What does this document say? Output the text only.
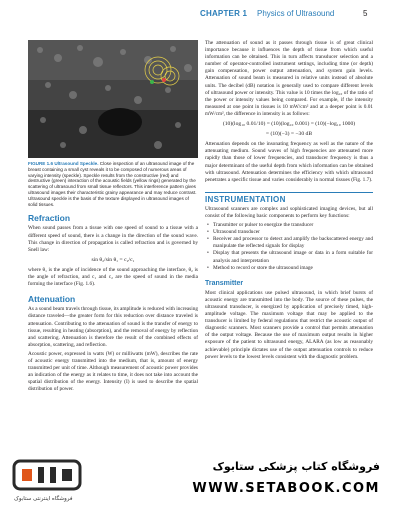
CHAPTER 1 Physics of Ultrasound	5
FIGURE 1.6 Ultrasound Speckle. Close inspection of an ultrasound image of the breast containing a small cyst reveals it to be composed of numerous areas of varying intensity (speckle). Speckle results from the constructive (red) and destructive (green) interaction of the acoustic fields (yellow rings) generated by the scattering of ultrasound from small tissue reflectors. This interference pattern gives ultrasound images their characteristic grainy appearance and may reduce contrast. Ultrasound speckle is the basis of the texture displayed in ultrasound images of solid tissues.
Refraction

When sound passes from a tissue with one speed of sound to a tissue with a different speed of sound, there is a change in the direction of the sound wave. This change in direction of propagation is called refraction and is governed by Snell law:

sin θ₂/sin θ₁ = c₂/c₁

where θ₁ is the angle of incidence of the sound approaching the interface, θ₂ is the angle of refraction, and c₁ and c₂ are the speed of sound in the media forming the interface (Fig. 1.6).

Attenuation

As a sound beam travels through tissue, its amplitude is reduced with increasing distance traveled—the greater form for this reduction over distance traveled is attenuation. Contributing to the attenuation of sound is the transfer of energy to tissue, resulting in heating (absorption), and the removal of energy by reflection and scattering. Attenuation is therefore the result of the combined effects of absorption, scattering, and reflection.

Acoustic power, expressed in watts (W) or milliwatts (mW), describes the rate of acoustic energy transmitted into the medium, that is, amount of energy transmitted per unit of time. Although measurement of acoustic power provides an indication of the energy as it relates to time, it does not take into account the spatial distribution of the energy. Intensity (I) is used to describe the spatial distribution of power.

The attenuation of sound as it passes through tissue is of great clinical importance because it influences the depth of tissue from which useful information can be obtained. This in turn affects transducer selection and a number of operator-controlled instrument settings, including time (or depth) gain compensation, power output attenuation, and system gain levels. Attenuation of sound beam is measured in relative units instead of absolute units. The decibel (dB) notation is generally used to compare different levels of ultrasound power or intensity. This value is 10 times the log₁₀ of the ratio of the power or intensity values being compared. For example, if the intensity measured at one point in tissues is 10 mW/cm² and at a deeper point is 0.01 mW/cm², the difference in intensity is as follows:

(10)(log₁₀ 0.01/10) = (10)(log₁₀ 0.001) = (10)(−log₁₀ 1000)
= (10)(−3) = −30 dB

Attenuation depends on the insonating frequency as well as the nature of the attenuating medium. Sound waves of high frequencies are attenuated more rapidly than those of lower frequencies, and transducer frequency is thus a major determinant of the useful depth from which information can be obtained with ultrasound. Attenuation determines the efficiency with which ultrasound penetrates a specific tissue and varies considerably in normal tissues (Fig. 1.7).

INSTRUMENTATION

Ultrasound scanners are complex and sophisticated imaging devices, but all consist of the following basic components to perform key functions:

• Transmitter or pulser to energize the transducer
• Ultrasound transducer
• Receiver and processor to detect and amplify the backscattered energy and manipulate the reflected signals for display
• Display that presents the ultrasound image or data in a form suitable for analysis and interpretation
• Method to record or store the ultrasound image
Transmitter

Most clinical applications use pulsed ultrasound, in which brief bursts of acoustic energy are transmitted into the body. The source of these pulses, the ultrasound transducer, is energized by application of precisely timed, high-amplitude voltage. The maximum voltage that may be applied to the transducer is limited by federal regulations that restrict the acoustic output of diagnostic scanners. Most scanners provide a control that permits attenuation of the output voltage. Because the use of maximum output results in higher exposure of the patient to ultrasound energy, ALARA (as low as reasonably achievable) principle dictates use of the output attenuation controls to reduce power levels to the lowest levels consistent with the diagnostic problem.

فروشگاه اینترنتی ستابوک
فروشگاه کتاب پزشکی ستابوک
WWW.SETABOOK.COM
